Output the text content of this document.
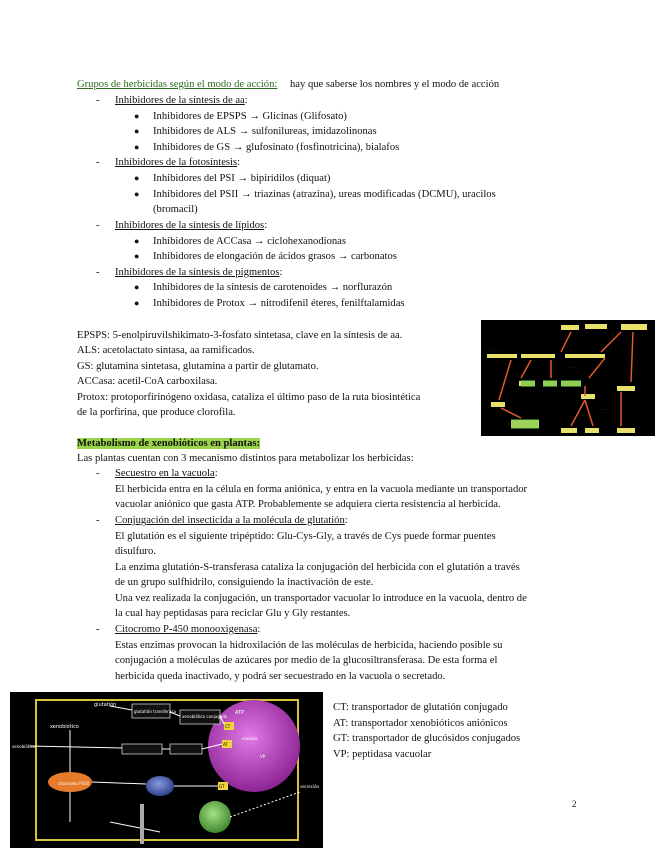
Grupos de herbicidas según el modo de acción: hay que saberse los nombres y el modo de acción
- Inhibidores de la síntesis de aa:
● Inhibidores de EPSPS → Glicinas (Glifosato)
● Inhibidores de ALS → sulfonilureas, imidazolinonas
● Inhibidores de GS → glufosinato (fosfinotricina), bialafos
- Inhibidores de la fotosíntesis:
● Inhibidores del PSI → bipiridilos (diquat)
● Inhibidores del PSII → triazinas (atrazina), ureas modificadas (DCMU), uracilos
(bromacil)
- Inhibidores de la síntesis de lípidos:
● Inhibidores de ACCasa → ciclohexanodionas
● Inhibidores de elongación de ácidos grasos → carbonatos
- Inhibidores de la síntesis de pigmentos:
● Inhibidores de la síntesis de carotenoides → norflurazón
● Inhibidores de Protox → nitrodifenil éteres, fenilftalamidas
EPSPS: 5-enolpiruvilshikimato-3-fosfato sintetasa, clave en la síntesis de aa.
ALS: acetolactato sintasa, aa ramificados.
GS: glutamina sintetasa, glutamina a partir de glutamato.
ACCasa: acetil-CoA carboxilasa.
Protox: protoporfirinógeno oxidasa, cataliza el último paso de la ruta biosintética
de la porfirina, que produce clorofila.
· · · · · · · ·
· · · · · ·
· · · ·
· · ·
Metabolismo de xenobióticos en plantas:
Las plantas cuentan con 3 mecanismo distintos para metabolizar los herbicidas:
- Secuestro en la vacuola:
El herbicida entra en la célula en forma aniónica, y entra en la vacuola mediante un transportador
vacuolar aniónico que gasta ATP. Probablemente se adquiera cierta resistencia al herbicida.
- Conjugación del insecticida a la molécula de glutatión:
El glutatión es el siguiente tripéptido: Glu-Cys-Gly, a través de Cys puede formar puentes
disulfuro.
La enzima glutatión-S-transferasa cataliza la conjugación del herbicida con el glutatión a través
de un grupo sulfhidrilo, consiguiendo la inactivación de este.
Una vez realizada la conjugación, un transportador vacuolar lo introduce en la vacuola, dentro de
la cual hay peptidasas para reciclar Glu y Gly restantes.
- Citocromo P-450 monooxigenasa:
Estas enzimas provocan la hidroxilación de las moléculas de herbicida, haciendo posible su
conjugación a moléculas de azúcares por medio de la glucosiltransferasa. De esta forma el
herbicida queda inactivado, y podrá ser secuestrado en la vacuola o secretado.
glutatión
glutatión transferasa
xenobiótico
xenobiótico conjugado
ATP
CT
AT
GT
VP
citocromo P450
xenobiótico
vacuola
secreción
CT: transportador de glutatión conjugado
AT: transportador xenobióticos aniónicos
GT: transportador de glucósidos conjugados
VP: peptidasa vacuolar
2
